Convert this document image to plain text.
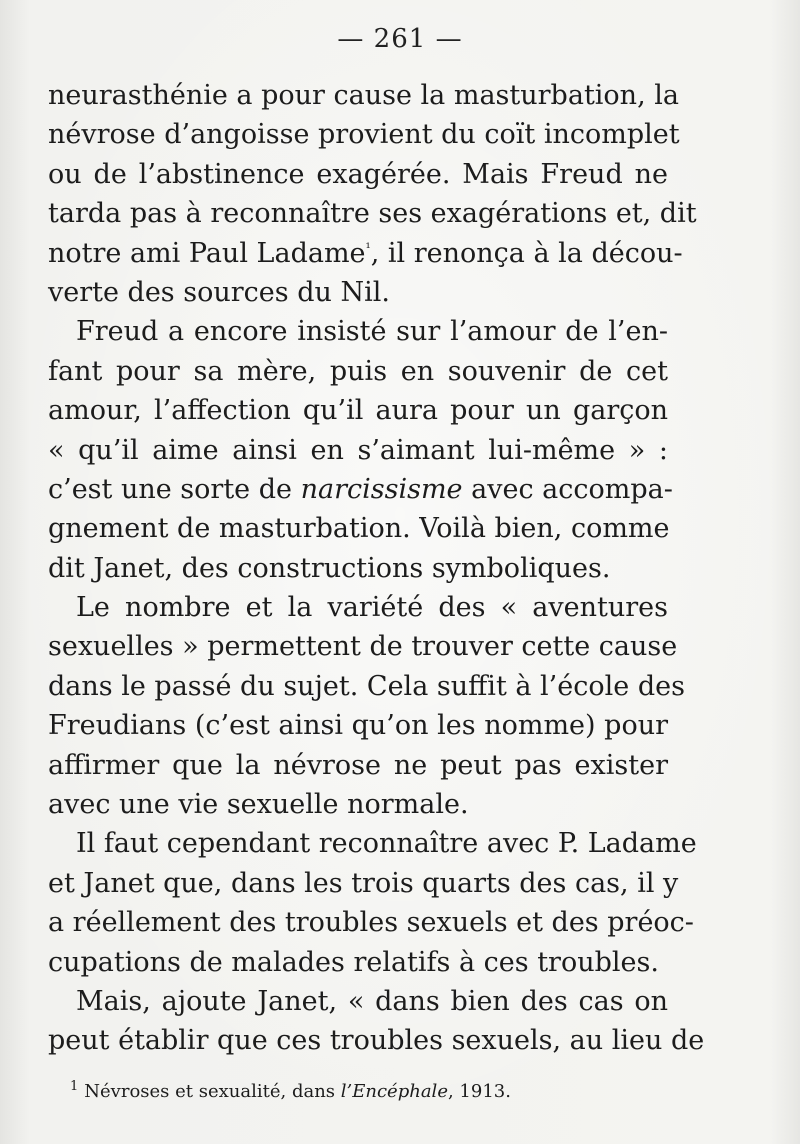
— 261 —
neurasthénie a pour cause la masturbation, la
névrose d’angoisse provient du coït incomplet
ou de l’abstinence exagérée. Mais Freud ne
tarda pas à reconnaître ses exagérations et, dit
notre ami Paul Ladame$^{^1}$, il renonça à la décou-
verte des sources du Nil.
Freud a encore insisté sur l’amour de l’en-
fant pour sa mère, puis en souvenir de cet
amour, l’affection qu’il aura pour un garçon
« qu’il aime ainsi en s’aimant lui-même » :
c’est une sorte de narcissisme avec accompa-
gnement de masturbation. Voilà bien, comme
dit Janet, des constructions symboliques.
Le nombre et la variété des « aventures
sexuelles » permettent de trouver cette cause
dans le passé du sujet. Cela suffit à l’école des
Freudians (c’est ainsi qu’on les nomme) pour
affirmer que la névrose ne peut pas exister
avec une vie sexuelle normale.
Il faut cependant reconnaître avec P. Ladame
et Janet que, dans les trois quarts des cas, il y
a réellement des troubles sexuels et des préoc-
cupations de malades relatifs à ces troubles.
Mais, ajoute Janet, « dans bien des cas on
peut établir que ces troubles sexuels, au lieu de
$^1$ Névroses et sexualité, dans l’Encéphale, 1913.
